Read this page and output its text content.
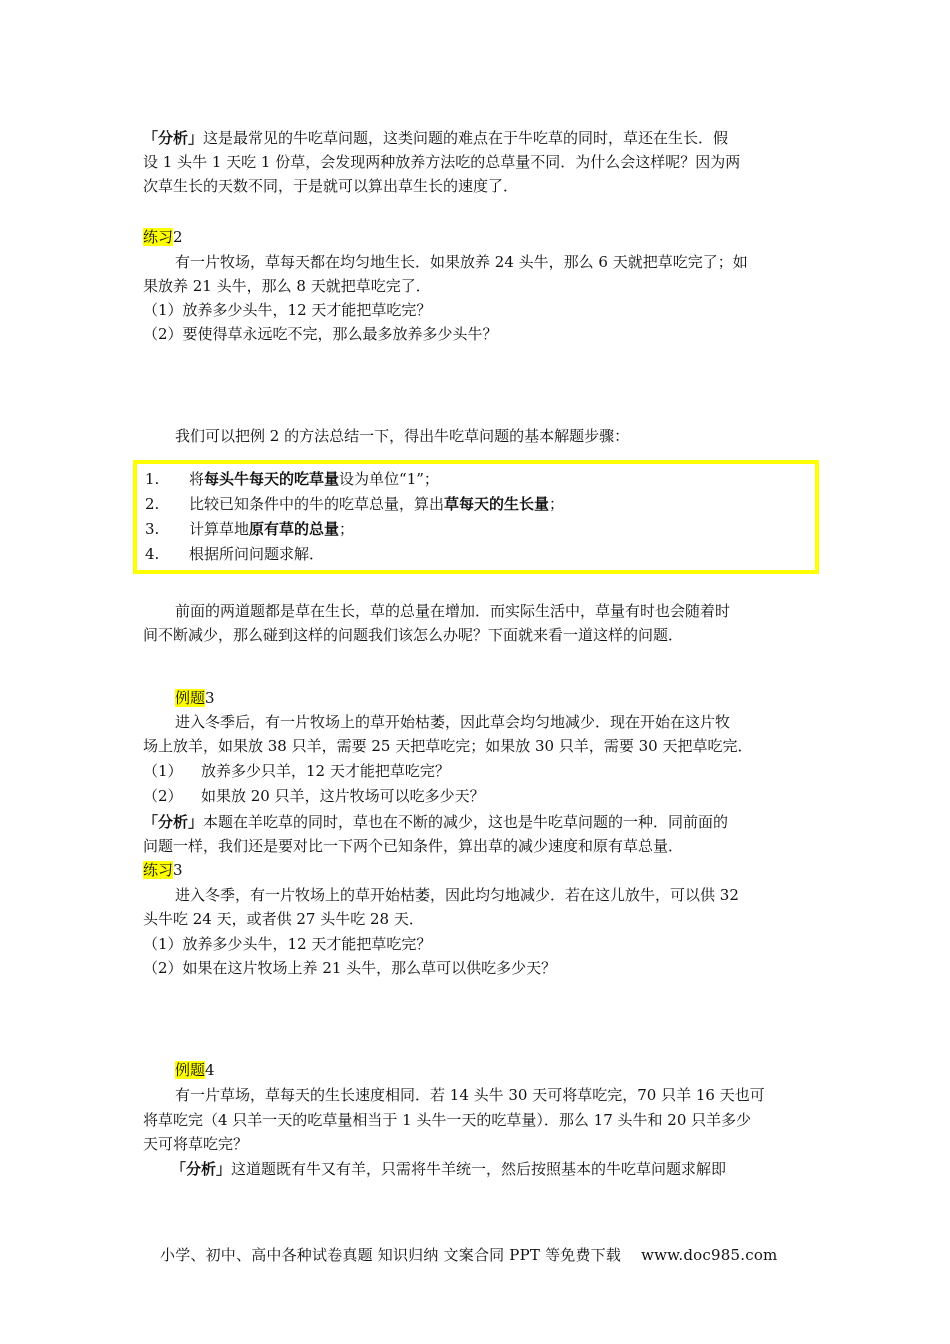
「分析」这是最常见的牛吃草问题，这类问题的难点在于牛吃草的同时，草还在生长．假
设 1 头牛 1 天吃 1 份草，会发现两种放养方法吃的总草量不同．为什么会这样呢？因为两
次草生长的天数不同，于是就可以算出草生长的速度了．
练习2
有一片牧场，草每天都在均匀地生长．如果放养 24 头牛，那么 6 天就把草吃完了；如
果放养 21 头牛，那么 8 天就把草吃完了．
（1）放养多少头牛，12 天才能把草吃完？
（2）要使得草永远吃不完，那么最多放养多少头牛？
我们可以把例 2 的方法总结一下，得出牛吃草问题的基本解题步骤：
1. 将每头牛每天的吃草量设为单位“1”；
2. 比较已知条件中的牛的吃草总量，算出草每天的生长量；
3. 计算草地原有草的总量；
4. 根据所问问题求解．
前面的两道题都是草在生长，草的总量在增加．而实际生活中，草量有时也会随着时
间不断减少，那么碰到这样的问题我们该怎么办呢？下面就来看一道这样的问题．
例题3
进入冬季后，有一片牧场上的草开始枯萎，因此草会均匀地减少．现在开始在这片牧
场上放羊，如果放 38 只羊，需要 25 天把草吃完；如果放 30 只羊，需要 30 天把草吃完．
（1） 放养多少只羊，12 天才能把草吃完？
（2） 如果放 20 只羊，这片牧场可以吃多少天？
「分析」本题在羊吃草的同时，草也在不断的减少，这也是牛吃草问题的一种．同前面的
问题一样，我们还是要对比一下两个已知条件，算出草的减少速度和原有草总量．
练习3
进入冬季，有一片牧场上的草开始枯萎，因此均匀地减少．若在这儿放牛，可以供 32
头牛吃 24 天，或者供 27 头牛吃 28 天．
（1）放养多少头牛，12 天才能把草吃完？
（2）如果在这片牧场上养 21 头牛，那么草可以供吃多少天？
例题4
有一片草场，草每天的生长速度相同．若 14 头牛 30 天可将草吃完，70 只羊 16 天也可
将草吃完（4 只羊一天的吃草量相当于 1 头牛一天的吃草量）．那么 17 头牛和 20 只羊多少
天可将草吃完？
「分析」这道题既有牛又有羊，只需将牛羊统一，然后按照基本的牛吃草问题求解即
小学、初中、高中各种试卷真题 知识归纳 文案合同 PPT 等免费下载 www.doc985.com
